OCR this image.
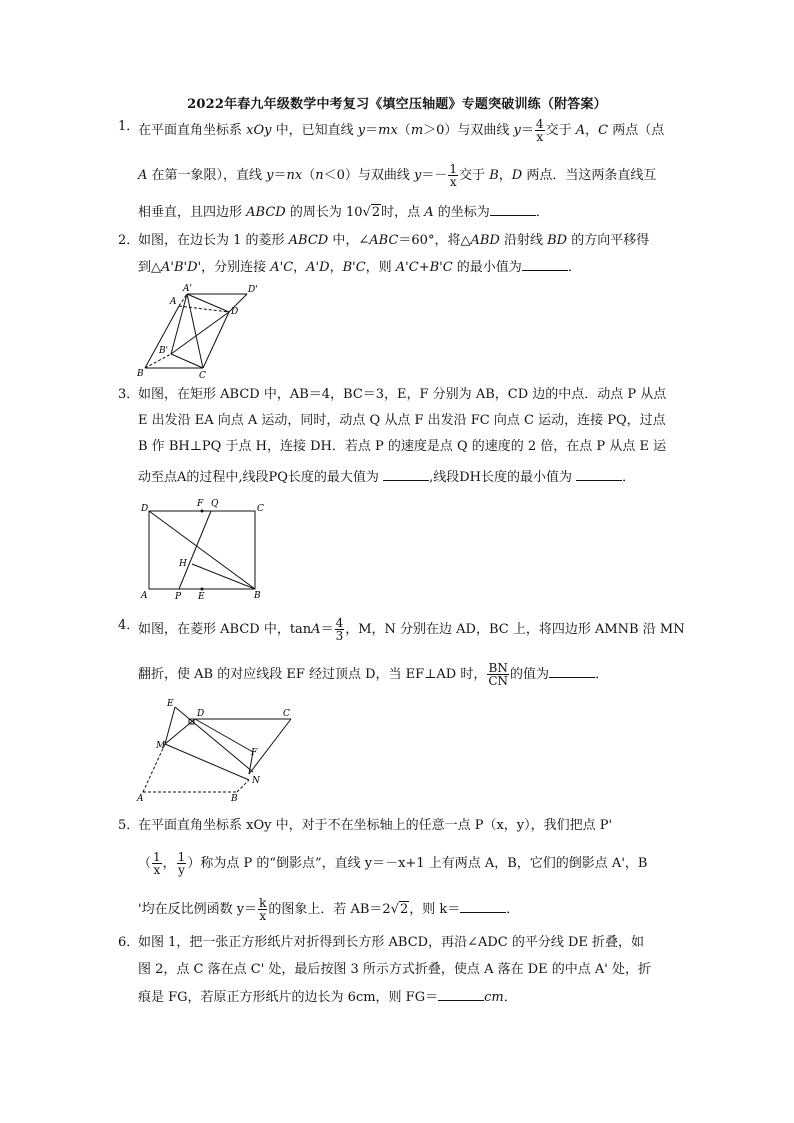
2022年春九年级数学中考复习《填空压轴题》专题突破训练（附答案）
1．
在平面直角坐标系 xOy 中，已知直线 y＝mx（m＞0）与双曲线 $y= \frac{4}{x}$ 交于 A，C 两点（点
A 在第一象限），直线 y＝nx（n＜0）与双曲线 $y=- \frac{1}{x}$ 交于 B，D 两点．当这两条直线互
相垂直，且四边形 ABCD 的周长为 10√2时，点 A 的坐标为	．
2．
如图，在边长为 1 的菱形 ABCD 中，∠ABC＝60°，将△ABD 沿射线 BD 的方向平移得
到△A'B'D'，分别连接 A'C，A'D，B'C，则 A'C+B'C 的最小值为	．
A'	D'
A
D
B'
B	C
3．
如图，在矩形 ABCD 中，AB＝4，BC＝3，E，F 分别为 AB，CD 边的中点．动点 P 从点
E 出发沿 EA 向点 A 运动，同时，动点 Q 从点 F 出发沿 FC 向点 C 运动，连接 PQ，过点
B 作 BH⊥PQ 于点 H，连接 DH．若点 P 的速度是点 Q 的速度的 2 倍，在点 P 从点 E 运
动至点A的过程中,线段PQ长度的最大值为	,线段DH长度的最小值为	．
D	F Q	C
H
A	P E	B
4．
如图，在菱形 ABCD 中，$\tan A= \frac{4}{3}$ ，M，N 分别在边 AD，BC 上，将四边形 AMNB 沿 MN
翻折，使 AB 的对应线段 EF 经过顶点 D，当 EF⊥AD 时， $\frac{BN}{CN}$ 的值为	．
E
D	C
M
F
N
A	B
5．
在平面直角坐标系 xOy 中，对于不在坐标轴上的任意一点 P（x，y），我们把点 P'
（ $\frac{1}{x}$ ， $\frac{1}{y}$ ）称为点 P 的“倒影点”，直线 y＝－x+1 上有两点 A，B，它们的倒影点 A'，B
'均在反比例函数 $y= \frac{k}{x}$ 的图象上．若 AB＝2√2，则 k＝	．
6．
如图 1，把一张正方形纸片对折得到长方形 ABCD，再沿∠ADC 的平分线 DE 折叠，如
图 2，点 C 落在点 C' 处，最后按图 3 所示方式折叠，使点 A 落在 DE 的中点 A' 处，折
痕是 FG，若原正方形纸片的边长为 6cm，则 FG＝	cm．
